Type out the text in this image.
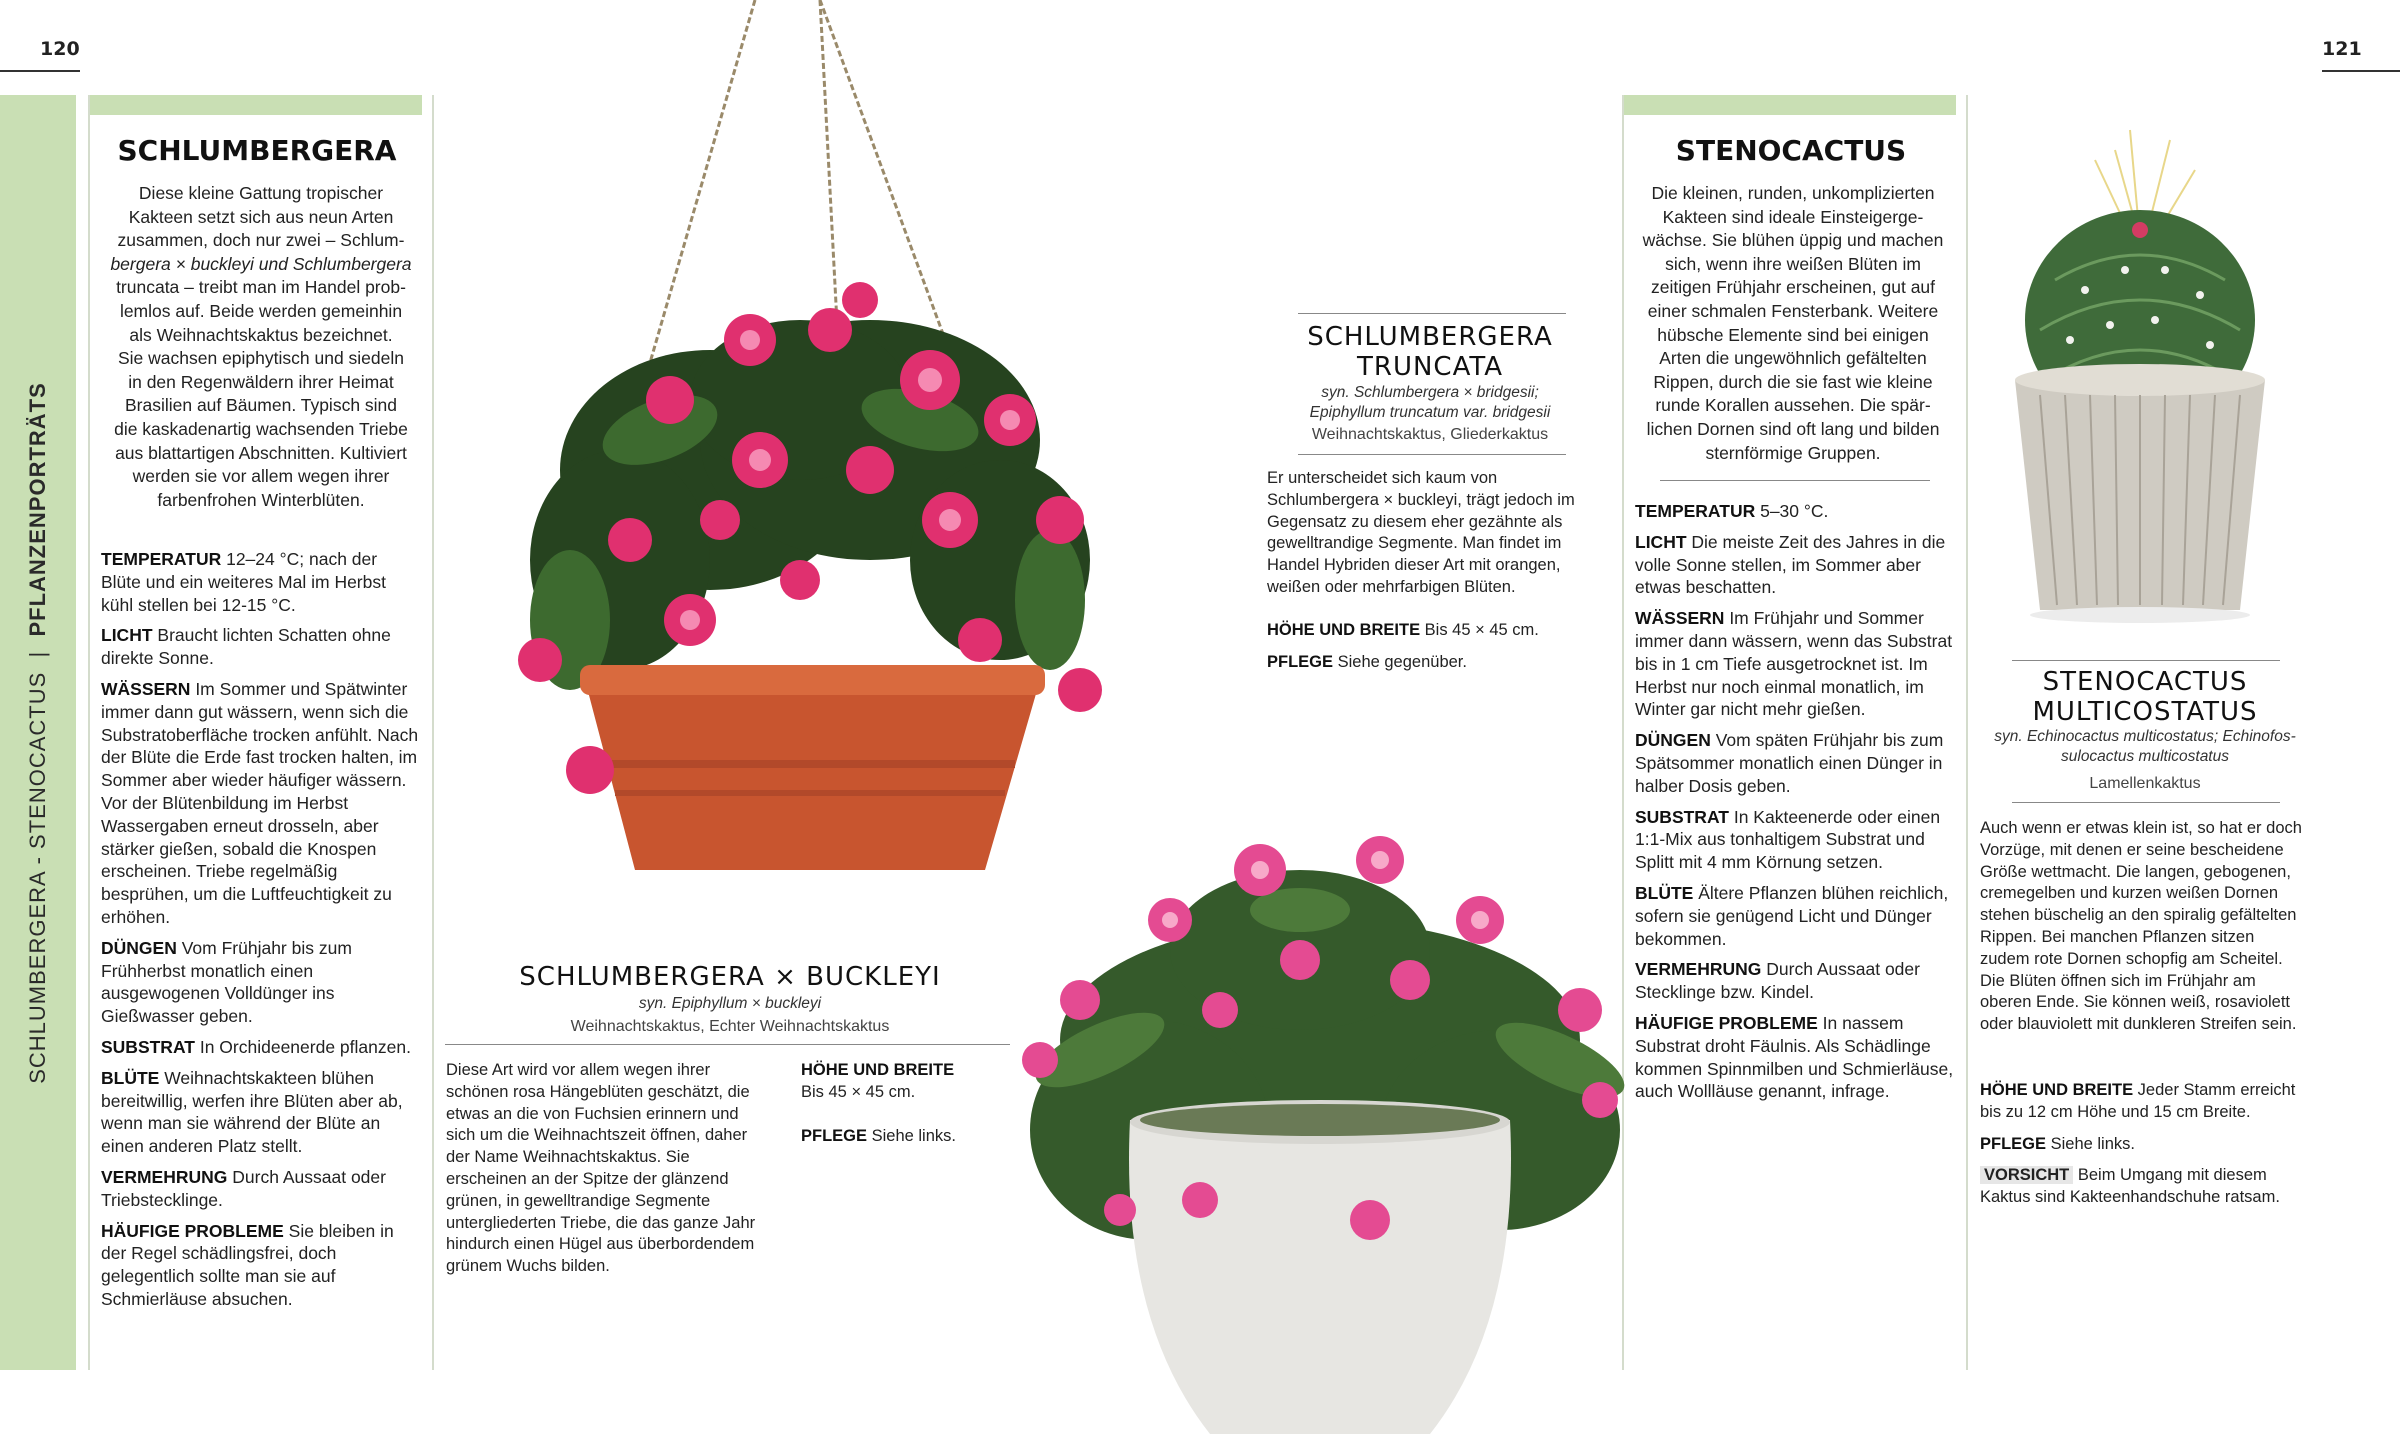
120	121
SCHLUMBERGERA - STENOCACTUS  |  PFLANZENPORTRÄTS
SCHLUMBERGERA
Diese kleine Gattung tropischer
Kakteen setzt sich aus neun Arten
zusammen, doch nur zwei – Schlum-
bergera × buckleyi und Schlumbergera
truncata – treibt man im Handel prob-
lemlos auf. Beide werden gemeinhin
als Weihnachtskaktus bezeichnet.
Sie wachsen epiphytisch und siedeln
in den Regenwäldern ihrer Heimat
Brasilien auf Bäumen. Typisch sind
die kaskadenartig wachsenden Triebe
aus blattartigen Abschnitten. Kultiviert
werden sie vor allem wegen ihrer
farbenfrohen Winterblüten.

TEMPERATUR 12–24 °C; nach der Blüte und ein weiteres Mal im Herbst kühl stellen bei 12-15 °C.

LICHT Braucht lichten Schatten ohne direkte Sonne.

WÄSSERN Im Sommer und Spätwinter immer dann gut wässern, wenn sich die Substratoberfläche trocken anfühlt. Nach der Blüte die Erde fast trocken halten, im Sommer aber wieder häufiger wässern. Vor der Blütenbildung im Herbst Wassergaben erneut drosseln, aber stärker gießen, sobald die Knospen erscheinen. Triebe regelmäßig besprühen, um die Luftfeuchtigkeit zu erhöhen.

DÜNGEN Vom Frühjahr bis zum Frühherbst monatlich einen ausgewogenen Volldünger ins Gießwasser geben.

SUBSTRAT In Orchideenerde pflanzen.

BLÜTE Weihnachtskakteen blühen bereitwillig, werfen ihre Blüten aber ab, wenn man sie während der Blüte an einen anderen Platz stellt.

VERMEHRUNG Durch Aussaat oder Triebstecklinge.

HÄUFIGE PROBLEME Sie bleiben in der Regel schädlingsfrei, doch gelegentlich sollte man sie auf Schmierläuse absuchen.

SCHLUMBERGERA × BUCKLEYI
syn. Epiphyllum × buckleyi
Weihnachtskaktus, Echter Weihnachtskaktus
Diese Art wird vor allem wegen ihrer schönen rosa Hängeblüten geschätzt, die etwas an die von Fuchsien erinnern und sich um die Weihnachtszeit öffnen, daher der Name Weihnachtskaktus. Sie erscheinen an der Spitze der glänzend grünen, in gewelltrandige Segmente untergliederten Triebe, die das ganze Jahr hindurch einen Hügel aus überbordendem grünem Wuchs bilden.
HÖHE UND BREITE
Bis 45 × 45 cm.
PFLEGE Siehe links.
SCHLUMBERGERA
TRUNCATA
syn. Schlumbergera × bridgesii;
Epiphyllum truncatum var. bridgesii
Weihnachtskaktus, Gliederkaktus
Er unterscheidet sich kaum von Schlumbergera × buckleyi, trägt jedoch im Gegensatz zu diesem eher gezähnte als gewelltrandige Segmente. Man findet im Handel Hybriden dieser Art mit orangen, weißen oder mehrfarbigen Blüten.
HÖHE UND BREITE Bis 45 × 45 cm.
PFLEGE Siehe gegenüber.
STENOCACTUS
Die kleinen, runden, unkomplizierten
Kakteen sind ideale Einsteigerge-
wächse. Sie blühen üppig und machen
sich, wenn ihre weißen Blüten im
zeitigen Frühjahr erscheinen, gut auf
einer schmalen Fensterbank. Weitere
hübsche Elemente sind bei einigen
Arten die ungewöhnlich gefältelten
Rippen, durch die sie fast wie kleine
runde Korallen aussehen. Die spär-
lichen Dornen sind oft lang und bilden
sternförmige Gruppen.

TEMPERATUR 5–30 °C.

LICHT Die meiste Zeit des Jahres in die volle Sonne stellen, im Sommer aber etwas beschatten.

WÄSSERN Im Frühjahr und Sommer immer dann wässern, wenn das Substrat bis in 1 cm Tiefe ausgetrocknet ist. Im Herbst nur noch einmal monatlich, im Winter gar nicht mehr gießen.

DÜNGEN Vom späten Frühjahr bis zum Spätsommer monatlich einen Dünger in halber Dosis geben.

SUBSTRAT In Kakteenerde oder einen 1:1-Mix aus tonhaltigem Substrat und Splitt mit 4 mm Körnung setzen.

BLÜTE Ältere Pflanzen blühen reichlich, sofern sie genügend Licht und Dünger bekommen.

VERMEHRUNG Durch Aussaat oder Stecklinge bzw. Kindel.

HÄUFIGE PROBLEME In nassem Substrat droht Fäulnis. Als Schädlinge kommen Spinnmilben und Schmierläuse, auch Wollläuse genannt, infrage.

STENOCACTUS
MULTICOSTATUS
syn. Echinocactus multicostatus; Echinofos-
sulocactus multicostatus
Lamellenkaktus
Auch wenn er etwas klein ist, so hat er doch Vorzüge, mit denen er seine bescheidene Größe wettmacht. Die langen, gebogenen, cremegelben und kurzen weißen Dornen stehen büschelig an den spiralig gefältelten Rippen. Bei manchen Pflanzen sitzen zudem rote Dornen schopfig am Scheitel. Die Blüten öffnen sich im Frühjahr am oberen Ende. Sie können weiß, rosaviolett oder blauviolett mit dunkleren Streifen sein.
HÖHE UND BREITE Jeder Stamm erreicht bis zu 12 cm Höhe und 15 cm Breite.
PFLEGE Siehe links.
VORSICHT Beim Umgang mit diesem Kaktus sind Kakteenhandschuhe ratsam.
